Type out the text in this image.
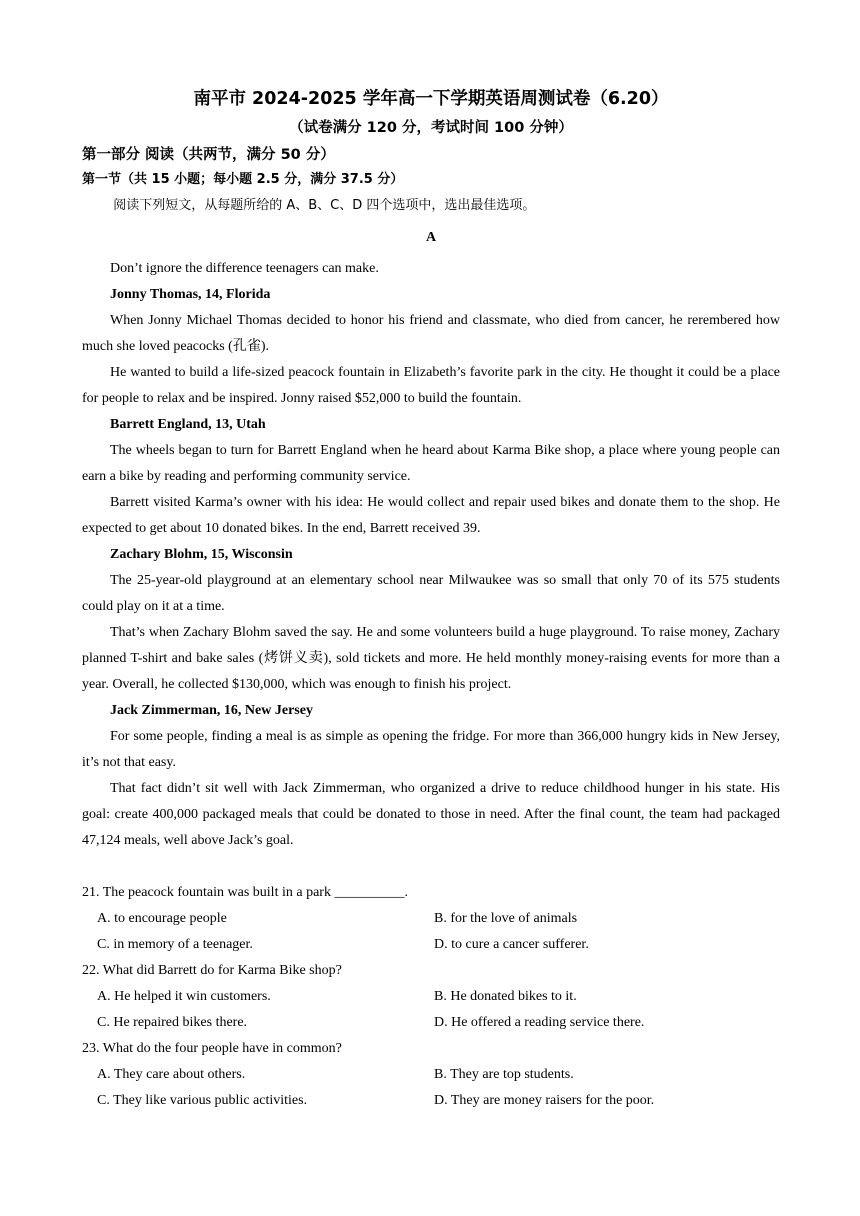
南平市 2024-2025 学年高一下学期英语周测试卷（6.20）

（试卷满分 120 分，考试时间 100 分钟）

第一部分 阅读（共两节，满分 50 分）

第一节（共 15 小题；每小题 2.5 分，满分 37.5 分）

阅读下列短文，从每题所给的 A、B、C、D 四个选项中，选出最佳选项。

A

Don’t ignore the difference teenagers can make.

Jonny Thomas, 14, Florida

When Jonny Michael Thomas decided to honor his friend and classmate, who died from cancer, he rerembered how much she loved peacocks (孔雀).

He wanted to build a life-sized peacock fountain in Elizabeth’s favorite park in the city. He thought it could be a place for people to relax and be inspired. Jonny raised $52,000 to build the fountain.

Barrett England, 13, Utah

The wheels began to turn for Barrett England when he heard about Karma Bike shop, a place where young people can earn a bike by reading and performing community service.

Barrett visited Karma’s owner with his idea: He would collect and repair used bikes and donate them to the shop. He expected to get about 10 donated bikes. In the end, Barrett received 39.

Zachary Blohm, 15, Wisconsin

The 25-year-old playground at an elementary school near Milwaukee was so small that only 70 of its 575 students could play on it at a time.

That’s when Zachary Blohm saved the say. He and some volunteers build a huge playground. To raise money, Zachary planned T-shirt and bake sales (烤饼义卖), sold tickets and more. He held monthly money-raising events for more than a year. Overall, he collected $130,000, which was enough to finish his project.

Jack Zimmerman, 16, New Jersey

For some people, finding a meal is as simple as opening the fridge. For more than 366,000 hungry kids in New Jersey, it’s not that easy.

That fact didn’t sit well with Jack Zimmerman, who organized a drive to reduce childhood hunger in his state. His goal: create 400,000 packaged meals that could be donated to those in need. After the final count, the team had packaged 47,124 meals, well above Jack’s goal.

21. The peacock fountain was built in a park __________.

A. to encourage people	B. for the love of animals
C. in memory of a teenager.	D. to cure a cancer sufferer.

22. What did Barrett do for Karma Bike shop?

A. He helped it win customers.	B. He donated bikes to it.
C. He repaired bikes there.	D. He offered a reading service there.

23. What do the four people have in common?

A. They care about others.	B. They are top students.
C. They like various public activities.	D. They are money raisers for the poor.
